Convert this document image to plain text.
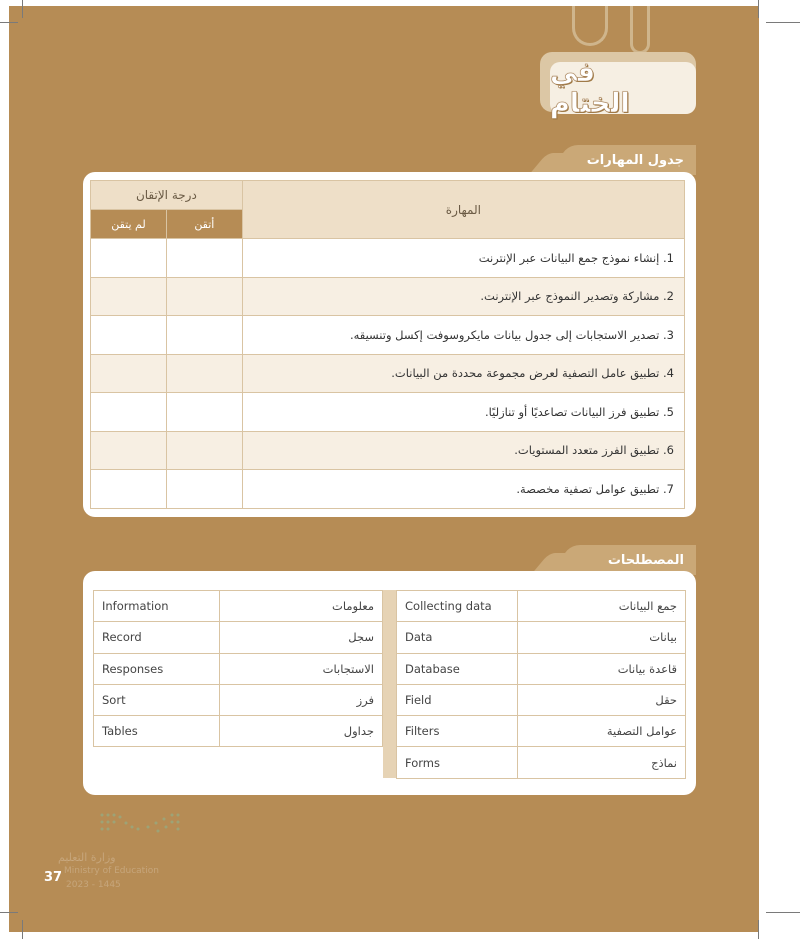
في الختام
جدول المهارات
المهارة	درجة الإتقان	
	أتقن	لم يتقن
1. إنشاء نموذج جمع البيانات عبر الإنترنت		
2. مشاركة وتصدير النموذج عبر الإنترنت.		
3. تصدير الاستجابات إلى جدول بيانات مايكروسوفت إكسل وتنسيقه.		
4. تطبيق عامل التصفية لعرض مجموعة محددة من البيانات.		
5. تطبيق فرز البيانات تصاعديًا أو تنازليًا.		
6. تطبيق الفرز متعدد المستويات.		
7. تطبيق عوامل تصفية مخصصة.		
المصطلحات
Information	معلومات
Record	سجل
Responses	الاستجابات
Sort	فرز
Tables	جداول
Collecting data	جمع البيانات
Data	بيانات
Database	قاعدة بيانات
Field	حقل
Filters	عوامل التصفية
Forms	نماذج
وزارة التعليم
Ministry of Education
2023 - 1445
37
